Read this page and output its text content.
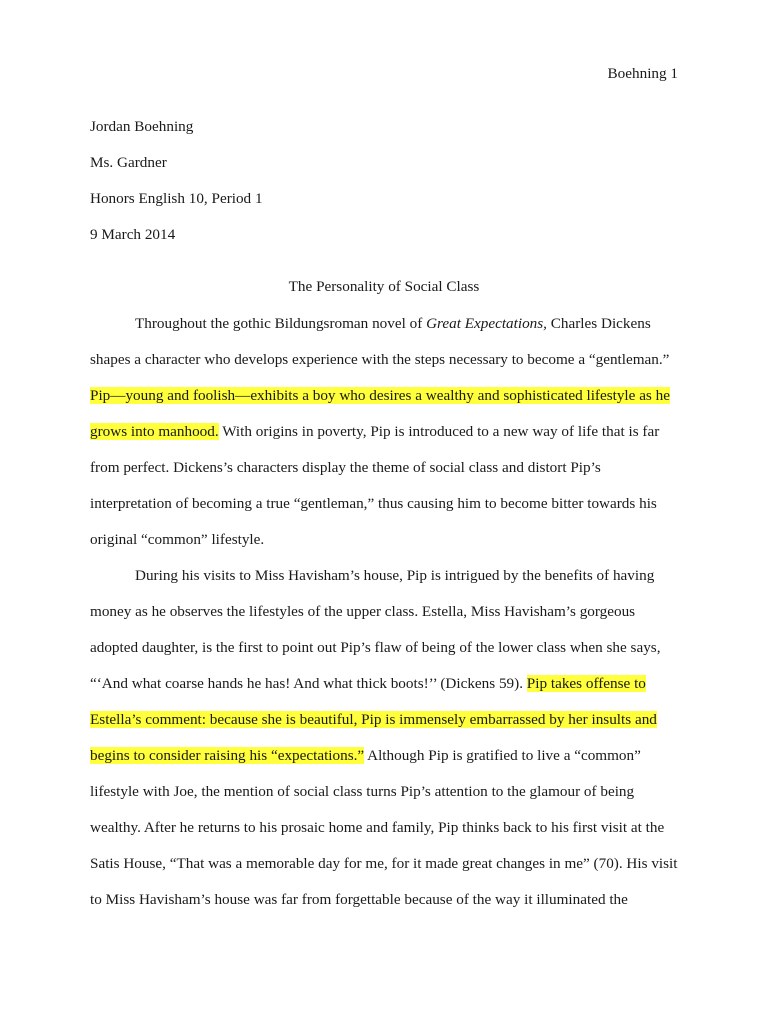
Boehning 1
Jordan Boehning
Ms. Gardner
Honors English 10, Period 1
9 March 2014
The Personality of Social Class
Throughout the gothic Bildungsroman novel of Great Expectations, Charles Dickens
shapes a character who develops experience with the steps necessary to become a “gentleman.”
Pip—young and foolish—exhibits a boy who desires a wealthy and sophisticated lifestyle as he
grows into manhood. With origins in poverty, Pip is introduced to a new way of life that is far
from perfect. Dickens’s characters display the theme of social class and distort Pip’s
interpretation of becoming a true “gentleman,” thus causing him to become bitter towards his
original “common” lifestyle.
During his visits to Miss Havisham’s house, Pip is intrigued by the benefits of having
money as he observes the lifestyles of the upper class. Estella, Miss Havisham’s gorgeous
adopted daughter, is the first to point out Pip’s flaw of being of the lower class when she says,
“‘And what coarse hands he has! And what thick boots!’’ (Dickens 59). Pip takes offense to
Estella’s comment: because she is beautiful, Pip is immensely embarrassed by her insults and
begins to consider raising his “expectations.” Although Pip is gratified to live a “common”
lifestyle with Joe, the mention of social class turns Pip’s attention to the glamour of being
wealthy. After he returns to his prosaic home and family, Pip thinks back to his first visit at the
Satis House, “That was a memorable day for me, for it made great changes in me” (70). His visit
to Miss Havisham’s house was far from forgettable because of the way it illuminated the
